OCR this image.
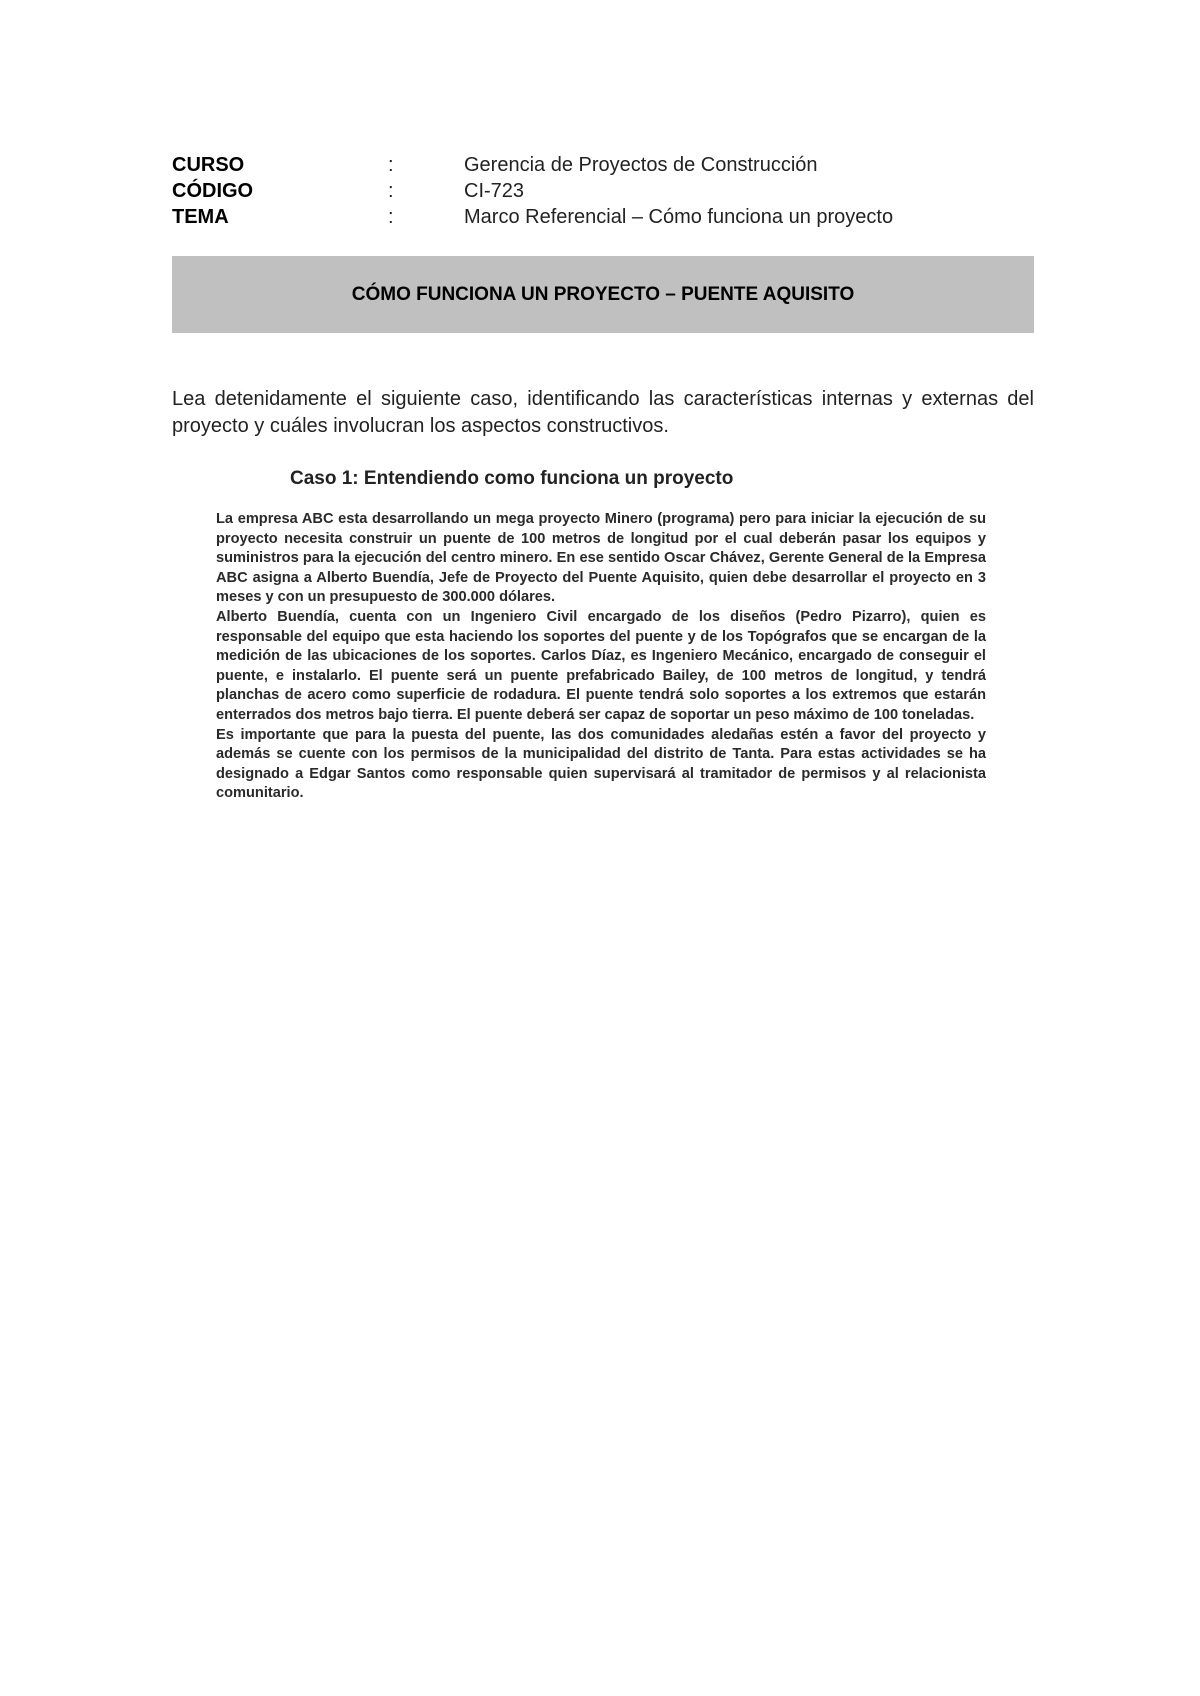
CURSO	:	Gerencia de Proyectos de Construcción
CÓDIGO	:	CI-723
TEMA	:	Marco Referencial – Cómo funciona un proyecto
CÓMO FUNCIONA UN PROYECTO – PUENTE AQUISITO
Lea detenidamente el siguiente caso, identificando las características internas y externas del proyecto y cuáles involucran los aspectos constructivos.
Caso 1: Entendiendo como funciona un proyecto

La empresa ABC esta desarrollando un mega proyecto Minero (programa) pero para iniciar la ejecución de su proyecto necesita construir un puente de 100 metros de longitud por el cual deberán pasar los equipos y suministros para la ejecución del centro minero. En ese sentido Oscar Chávez, Gerente General de la Empresa ABC asigna a Alberto Buendía, Jefe de Proyecto del Puente Aquisito, quien debe desarrollar el proyecto en 3 meses y con un presupuesto de 300.000 dólares.

Alberto Buendía, cuenta con un Ingeniero Civil encargado de los diseños (Pedro Pizarro), quien es responsable del equipo que esta haciendo los soportes del puente y de los Topógrafos que se encargan de la medición de las ubicaciones de los soportes. Carlos Díaz, es Ingeniero Mecánico, encargado de conseguir el puente, e instalarlo. El puente será un puente prefabricado Bailey, de 100 metros de longitud, y tendrá planchas de acero como superficie de rodadura. El puente tendrá solo soportes a los extremos que estarán enterrados dos metros bajo tierra. El puente deberá ser capaz de soportar un peso máximo de 100 toneladas.

Es importante que para la puesta del puente, las dos comunidades aledañas estén a favor del proyecto y además se cuente con los permisos de la municipalidad del distrito de Tanta. Para estas actividades se ha designado a Edgar Santos como responsable quien supervisará al tramitador de permisos y al relacionista comunitario.
